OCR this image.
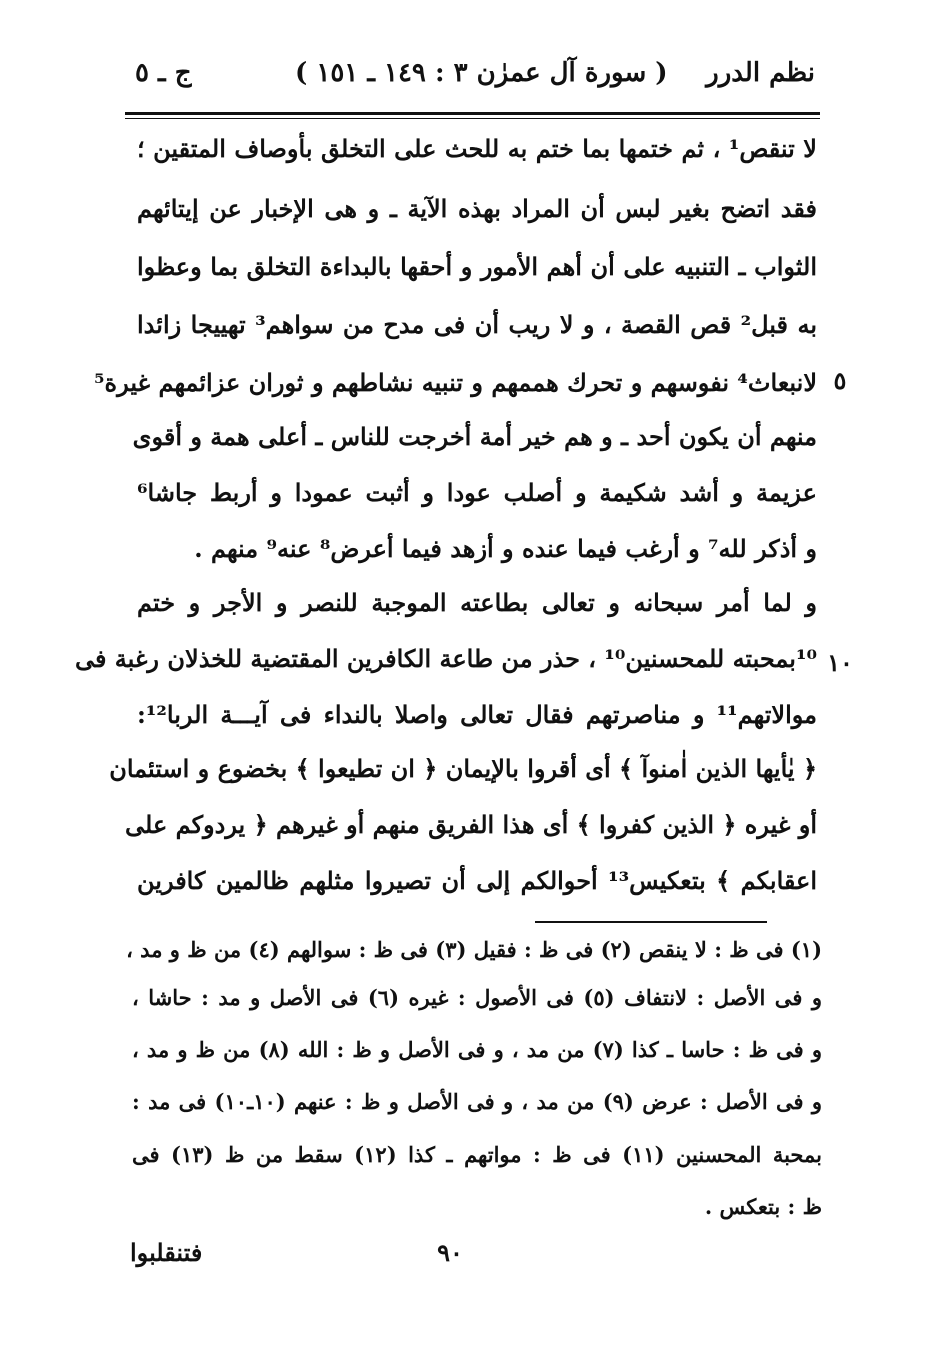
نظم الدرر
( سورة آل عمرٰن ٣ : ١٤٩ ـ ١٥١ )
ج ـ ٥
لا تنقص¹ ، ثم ختمها بما ختم به للحث على التخلق بأوصاف المتقين ؛
فقد اتضح بغير لبس أن المراد بهذه الآية ـ و هى الإخبار عن إيتائهم
الثواب ـ التنبيه على أن أهم الأمور و أحقها بالبداءة التخلق بما وعظوا
به قبل² قص القصة ، و لا ريب أن فى مدح من سواهم³ تهييجا زائدا
لانبعاث⁴ نفوسهم و تحرك هممهم و تنبيه نشاطهم و ثوران عزائمهم غيرة⁵ ٥
منهم أن يكون أحد ـ و هم خير أمة أخرجت للناس ـ أعلى همة و أقوى
عزيمة و أشد شكيمة و أصلب عودا و أثبت عمودا و أربط جاشا⁶
و أذكر لله⁷ و أرغب فيما عنده و أزهد فيما أعرض⁸ عنه⁹ منهم .
و لما أمر سبحانه و تعالى بطاعته الموجبة للنصر و الأجر و ختم
¹⁰بمحبته للمحسنين¹⁰ ، حذر من طاعة الكافرين المقتضية للخذلان رغبة فى ١٠
موالاتهم¹¹ و مناصرتهم فقال تعالى واصلا بالنداء فى آيـــة الربا¹²:
﴿ يٰأيها الذين اٰمنوآ ﴾ أى أقروا بالإيمان ﴿ ان تطيعوا ﴾ بخضوع و استئمان
أو غيره ﴿ الذين كفروا ﴾ أى هذا الفريق منهم أو غيرهم ﴿ يردوكم على
اعقابكم ﴾ بتعكيس¹³ أحوالكم إلى أن تصيروا مثلهم ظالمين كافرين
(١) فى ظ : لا ينقص (٢) فى ظ : فقيل (٣) فى ظ : سوالهم (٤) من ظ و مد ،
و فى الأصل : لانتفاف (٥) فى الأصول : غيره (٦) فى الأصل و مد : حاشا ،
و فى ظ : حاسا ـ كذا (٧) من مد ، و فى الأصل و ظ : الله (٨) من ظ و مد ،
و فى الأصل : عرض (٩) من مد ، و فى الأصل و ظ : عنهم (١٠ـ١٠) فى مد :
بمحبة المحسنين (١١) فى ظ : مواتهم ـ كذا (١٢) سقط من ظ (١٣) فى
ظ : بتعكس .
فتنقلبوا	٩٠
